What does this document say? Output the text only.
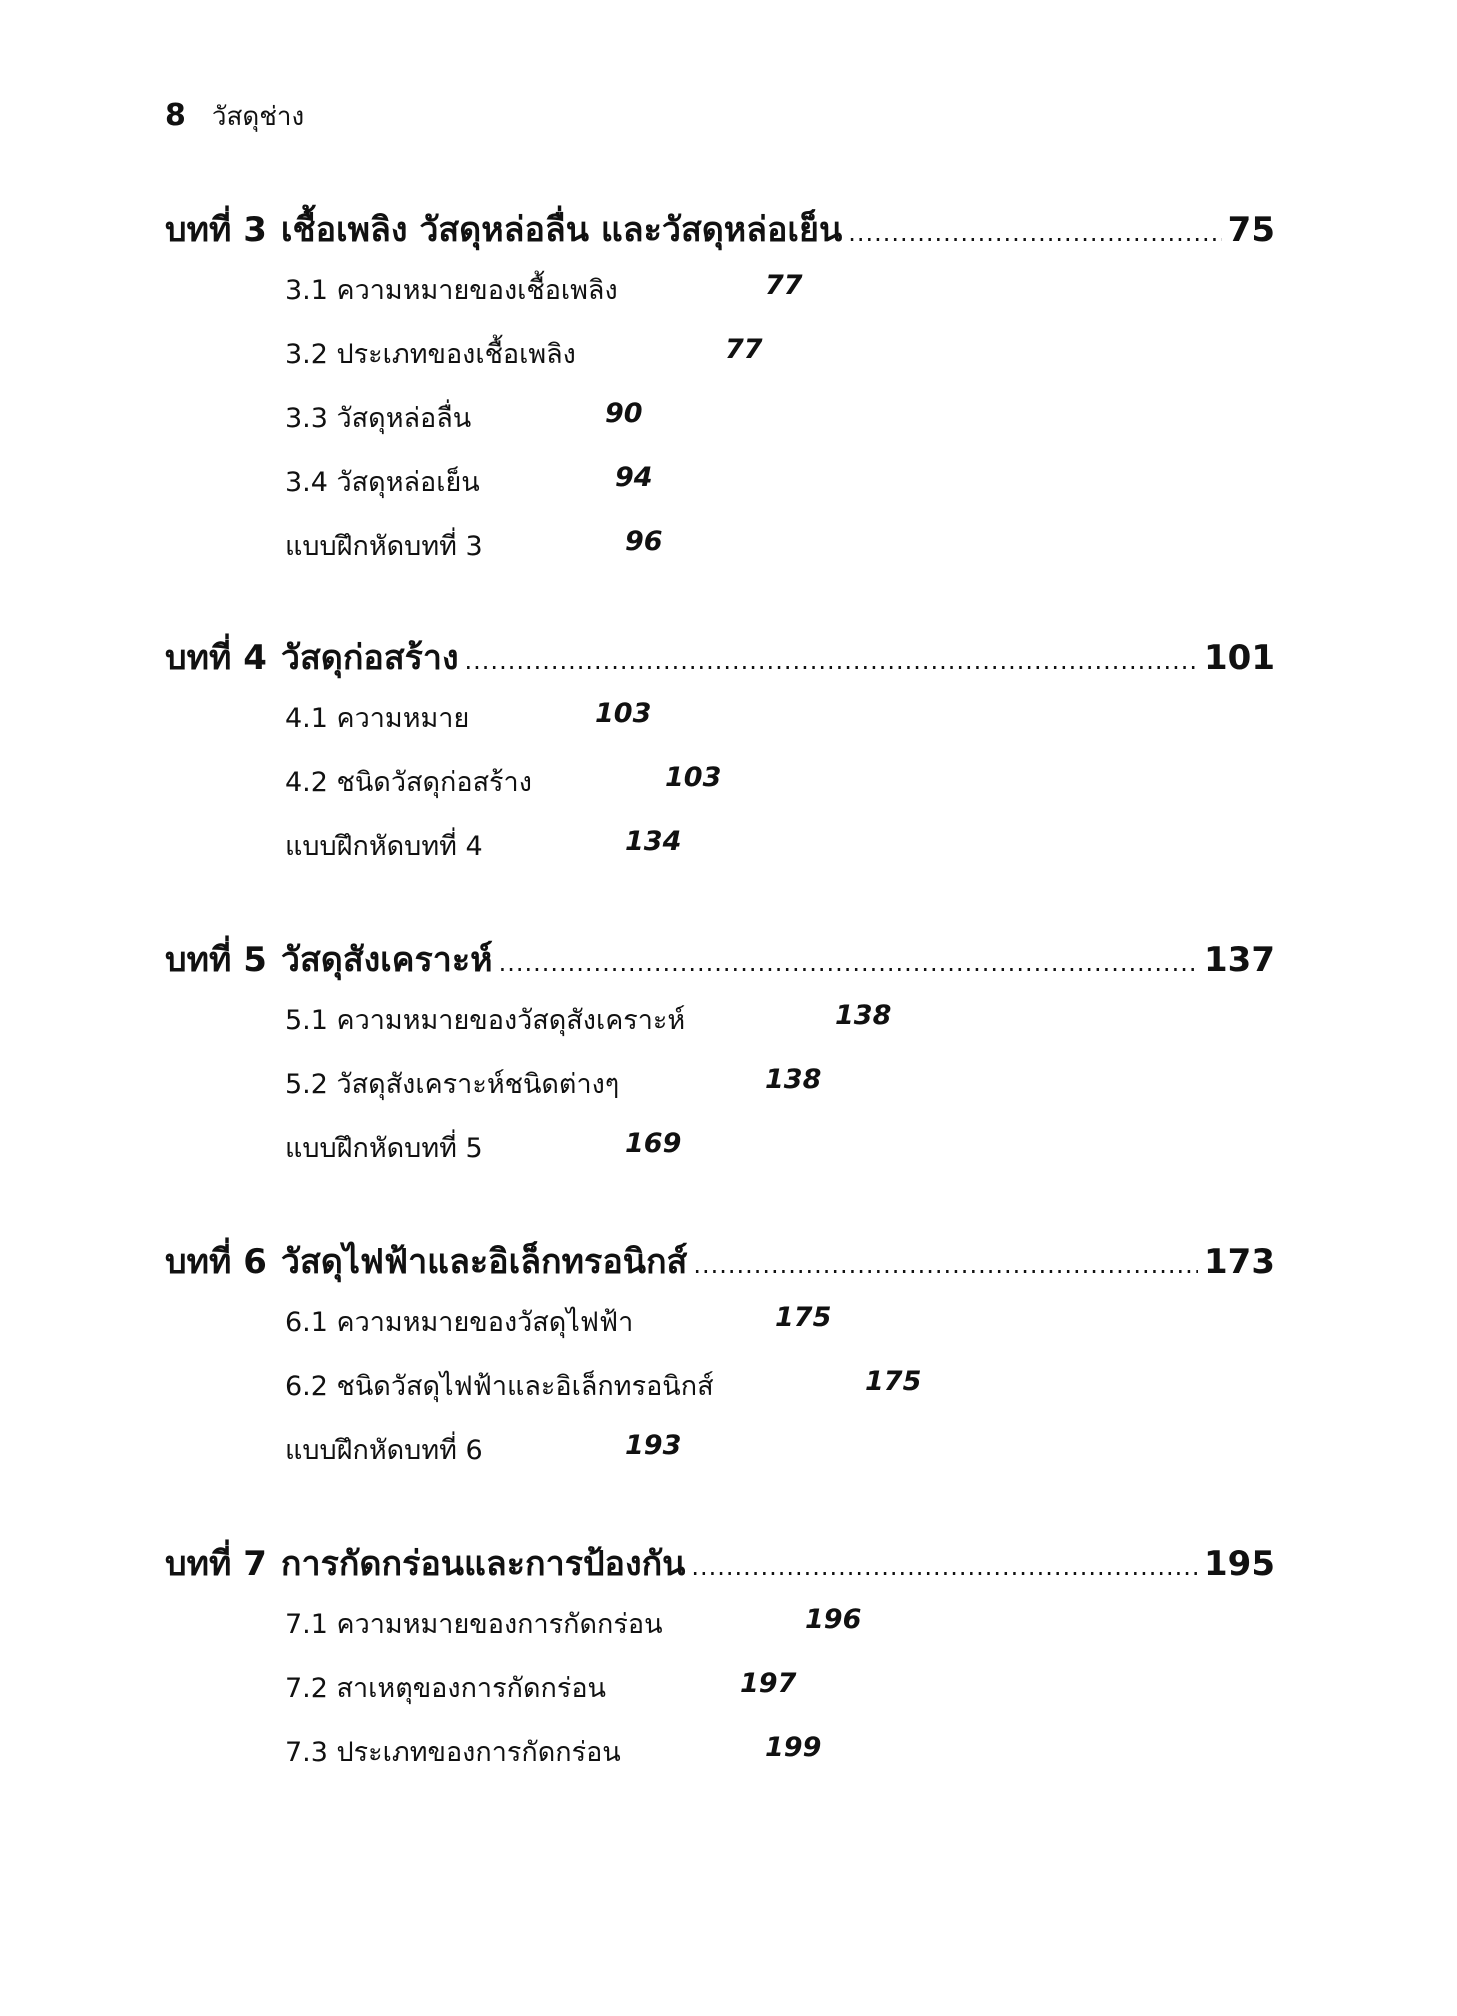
8 วัสดุช่าง
บทที่ 3 เชื้อเพลิง วัสดุหล่อลื่น และวัสดุหล่อเย็น .....	75
3.1 ความหมายของเชื้อเพลิง	77
3.2 ประเภทของเชื้อเพลิง	77
3.3 วัสดุหล่อลื่น	90
3.4 วัสดุหล่อเย็น	94
แบบฝึกหัดบทที่ 3	96
บทที่ 4 วัสดุก่อสร้าง .....	101
4.1 ความหมาย	103
4.2 ชนิดวัสดุก่อสร้าง	103
แบบฝึกหัดบทที่ 4	134
บทที่ 5 วัสดุสังเคราะห์ .....	137
5.1 ความหมายของวัสดุสังเคราะห์	138
5.2 วัสดุสังเคราะห์ชนิดต่างๆ	138
แบบฝึกหัดบทที่ 5	169
บทที่ 6 วัสดุไฟฟ้าและอิเล็กทรอนิกส์ .....	173
6.1 ความหมายของวัสดุไฟฟ้า	175
6.2 ชนิดวัสดุไฟฟ้าและอิเล็กทรอนิกส์	175
แบบฝึกหัดบทที่ 6	193
บทที่ 7 การกัดกร่อนและการป้องกัน .....	195
7.1 ความหมายของการกัดกร่อน	196
7.2 สาเหตุของการกัดกร่อน	197
7.3 ประเภทของการกัดกร่อน	199
